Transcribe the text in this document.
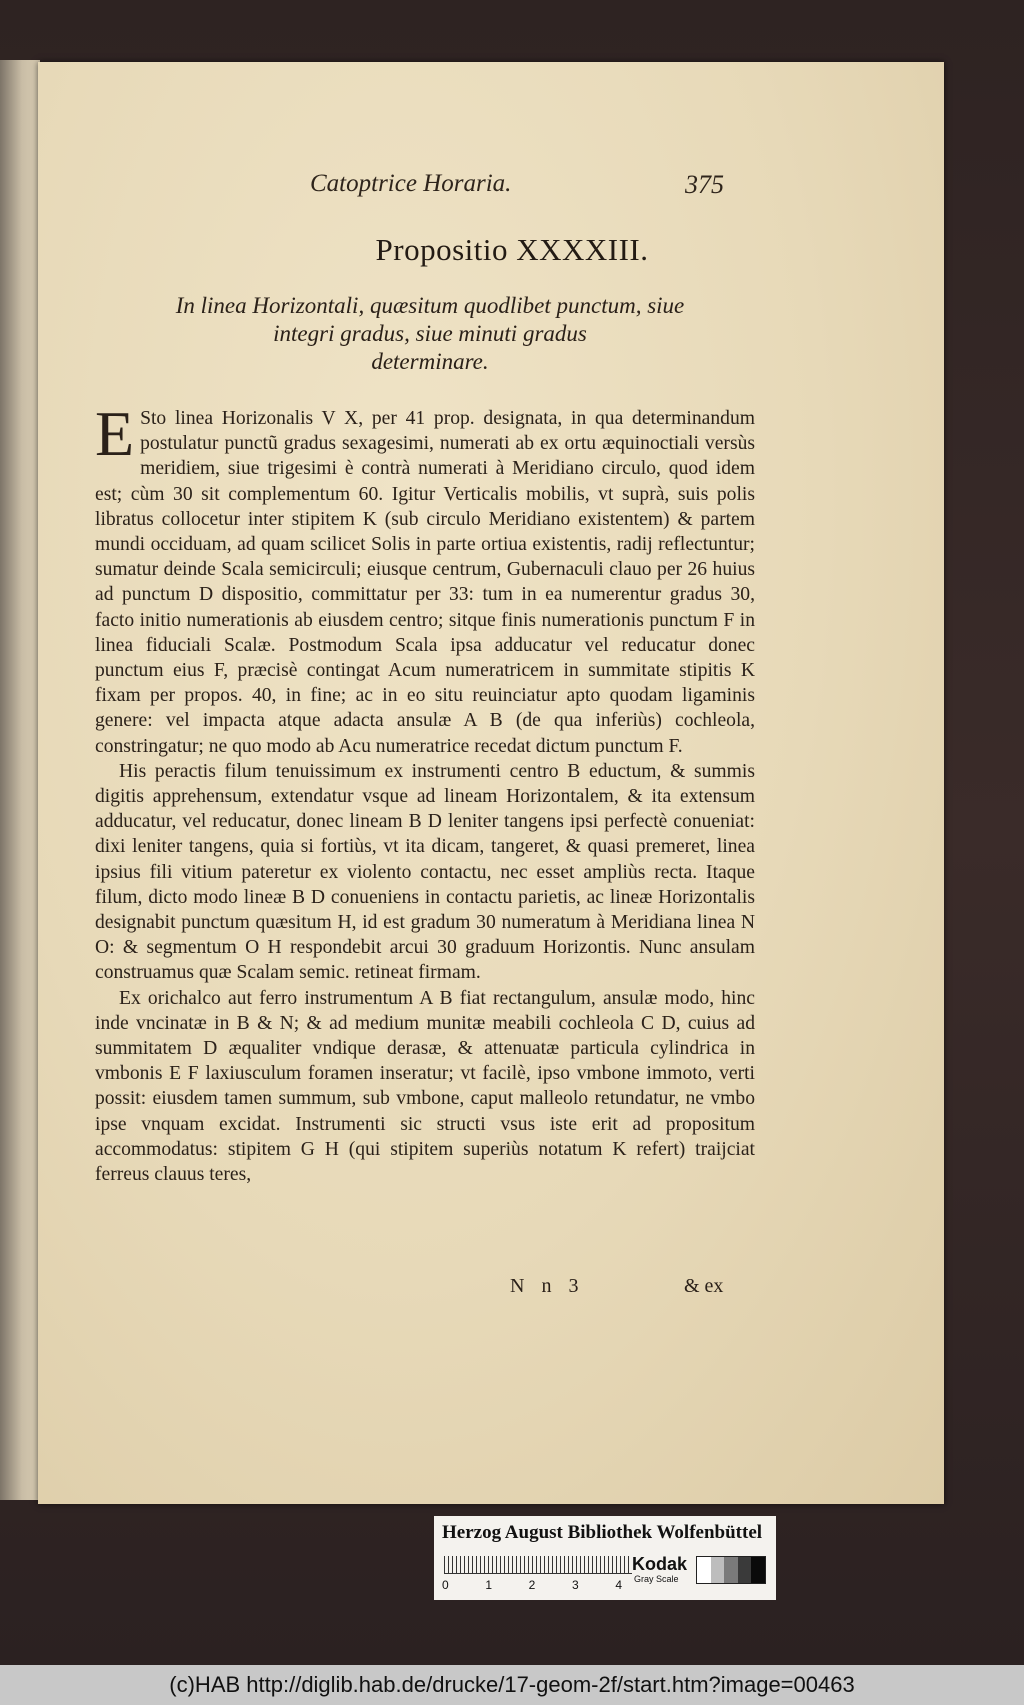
Catoptrice Horaria.	375
Propositio XXXXIII.
In linea Horizontali, quæsitum quodlibet punctum, siue
integri gradus, siue minuti gradus
determinare.

E Sto linea Horizonalis V X, per 41 prop. designata, in qua determinandum postulatur punctũ gradus sexagesimi, numerati ab ex ortu æquinoctiali versùs meridiem, siue trigesimi è contrà numerati à Meridiano circulo, quod idem est; cùm 30 sit complementum 60. Igitur Verticalis mobilis, vt suprà, suis polis libratus collocetur inter stipitem K (sub circulo Meridiano existentem) & partem mundi occiduam, ad quam scilicet Solis in parte ortiua existentis, radij reflectuntur; sumatur deinde Scala semicirculi; eiusque centrum, Gubernaculi clauo per 26 huius ad punctum D dispositio, committatur per 33: tum in ea numerentur gradus 30, facto initio numerationis ab eiusdem centro; sitque finis numerationis punctum F in linea fiduciali Scalæ. Postmodum Scala ipsa adducatur vel reducatur donec punctum eius F, præcisè contingat Acum numeratricem in summitate stipitis K fixam per propos. 40, in fine; ac in eo situ reuinciatur apto quodam ligaminis genere: vel impacta atque adacta ansulæ A B (de qua inferiùs) cochleola, constringatur; ne quo modo ab Acu numeratrice recedat dictum punctum F.

His peractis filum tenuissimum ex instrumenti centro B eductum, & summis digitis apprehensum, extendatur vsque ad lineam Horizontalem, & ita extensum adducatur, vel reducatur, donec lineam B D leniter tangens ipsi perfectè conueniat: dixi leniter tangens, quia si fortiùs, vt ita dicam, tangeret, & quasi premeret, linea ipsius fili vitium pateretur ex violento contactu, nec esset ampliùs recta. Itaque filum, dicto modo lineæ B D conueniens in contactu parietis, ac lineæ Horizontalis designabit punctum quæsitum H, id est gradum 30 numeratum à Meridiana linea N O: & segmentum O H respondebit arcui 30 graduum Horizontis. Nunc ansulam construamus quæ Scalam semic. retineat firmam.

Ex orichalco aut ferro instrumentum A B fiat rectangulum, ansulæ modo, hinc inde vncinatæ in B & N; & ad medium munitæ meabili cochleola C D, cuius ad summitatem D æqualiter vndique derasæ, & attenuatæ particula cylindrica in vmbonis E F laxiusculum foramen inseratur; vt facilè, ipso vmbone immoto, verti possit: eiusdem tamen summum, sub vmbone, caput malleolo retundatur, ne vmbo ipse vnquam excidat. Instrumenti sic structi vsus iste erit ad propositum accommodatus: stipitem G H (qui stipitem superiùs notatum K refert) traijciat ferreus clauus teres,

N n 3	& ex
Herzog August Bibliothek Wolfenbüttel
0	1	2	3	4
Kodak
Gray Scale
(c)HAB http://diglib.hab.de/drucke/17-geom-2f/start.htm?image=00463
